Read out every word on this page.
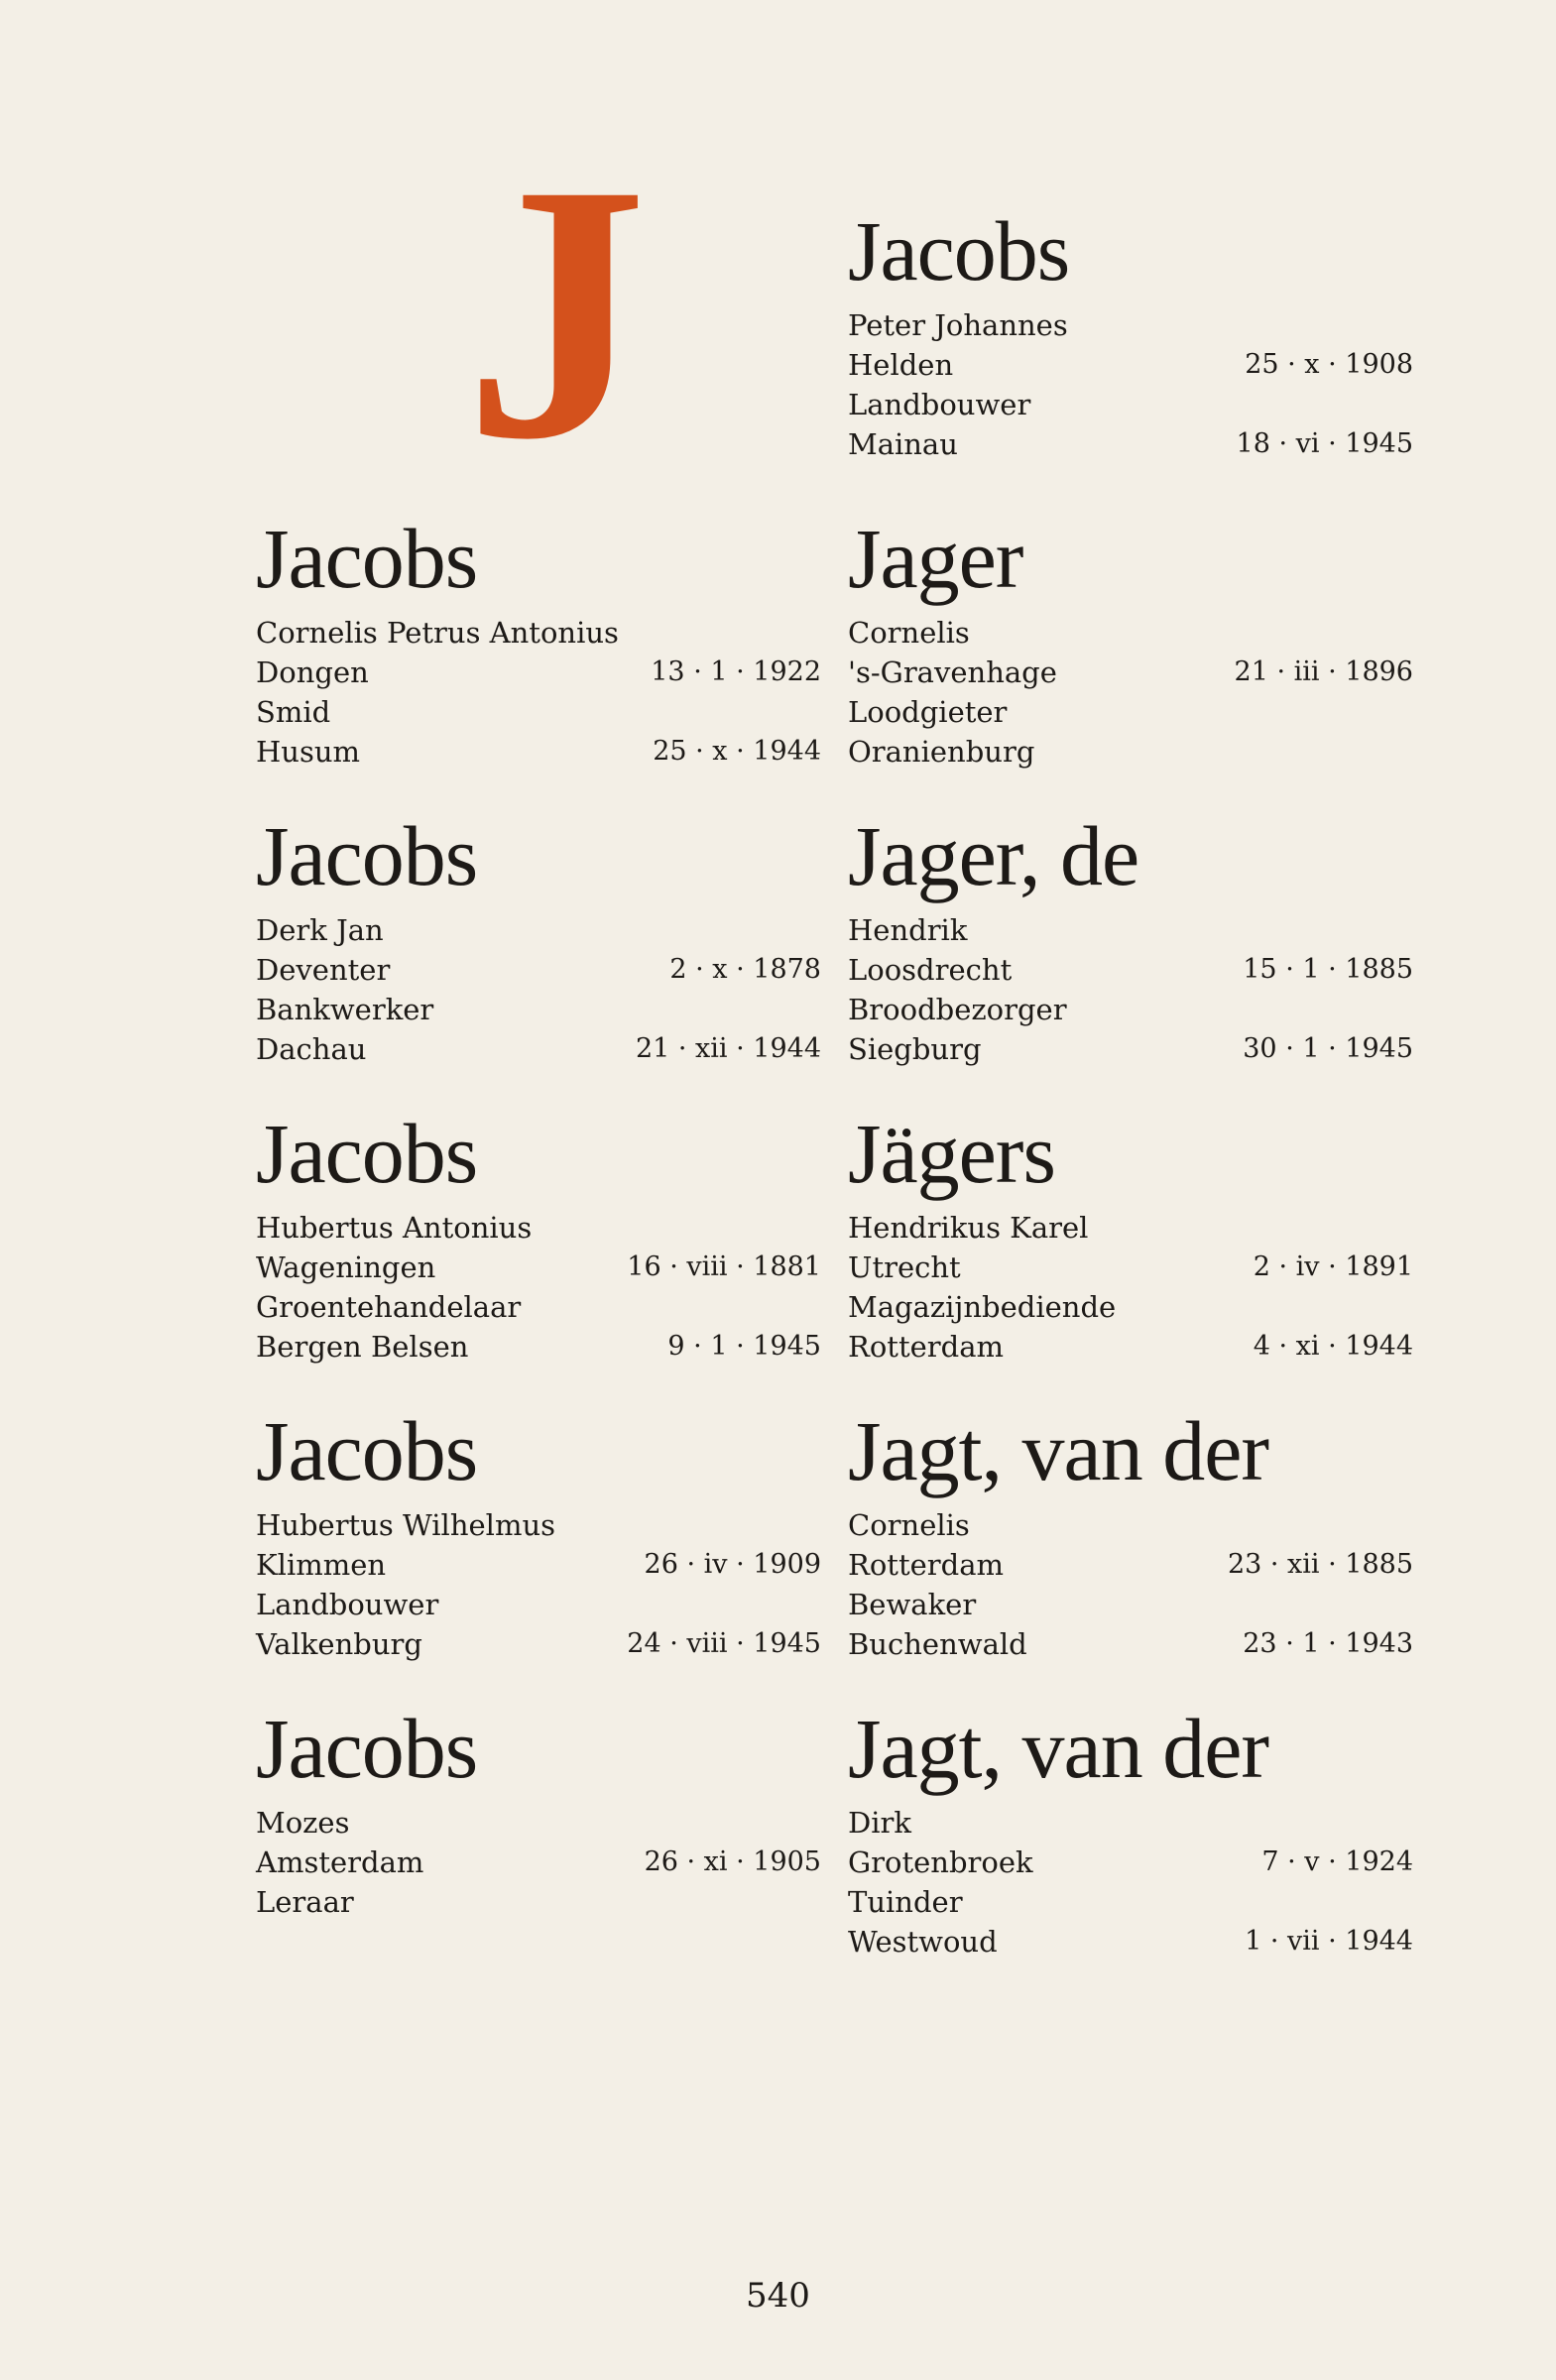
J
Jacobs
Cornelis Petrus Antonius
Dongen	13 · 1 · 1922
Smid
Husum	25 · x · 1944
Jacobs
Derk Jan
Deventer	2 · x · 1878
Bankwerker
Dachau	21 · xii · 1944
Jacobs
Hubertus Antonius
Wageningen	16 · viii · 1881
Groentehandelaar
Bergen Belsen	9 · 1 · 1945
Jacobs
Hubertus Wilhelmus
Klimmen	26 · iv · 1909
Landbouwer
Valkenburg	24 · viii · 1945
Jacobs
Mozes
Amsterdam	26 · xi · 1905
Leraar
Jacobs
Peter Johannes
Helden	25 · x · 1908
Landbouwer
Mainau	18 · vi · 1945
Jager
Cornelis
's-Gravenhage	21 · iii · 1896
Loodgieter
Oranienburg
Jager, de
Hendrik
Loosdrecht	15 · 1 · 1885
Broodbezorger
Siegburg	30 · 1 · 1945
Jägers
Hendrikus Karel
Utrecht	2 · iv · 1891
Magazijnbediende
Rotterdam	4 · xi · 1944
Jagt, van der
Cornelis
Rotterdam	23 · xii · 1885
Bewaker
Buchenwald	23 · 1 · 1943
Jagt, van der
Dirk
Grotenbroek	7 · v · 1924
Tuinder
Westwoud	1 · vii · 1944
540
